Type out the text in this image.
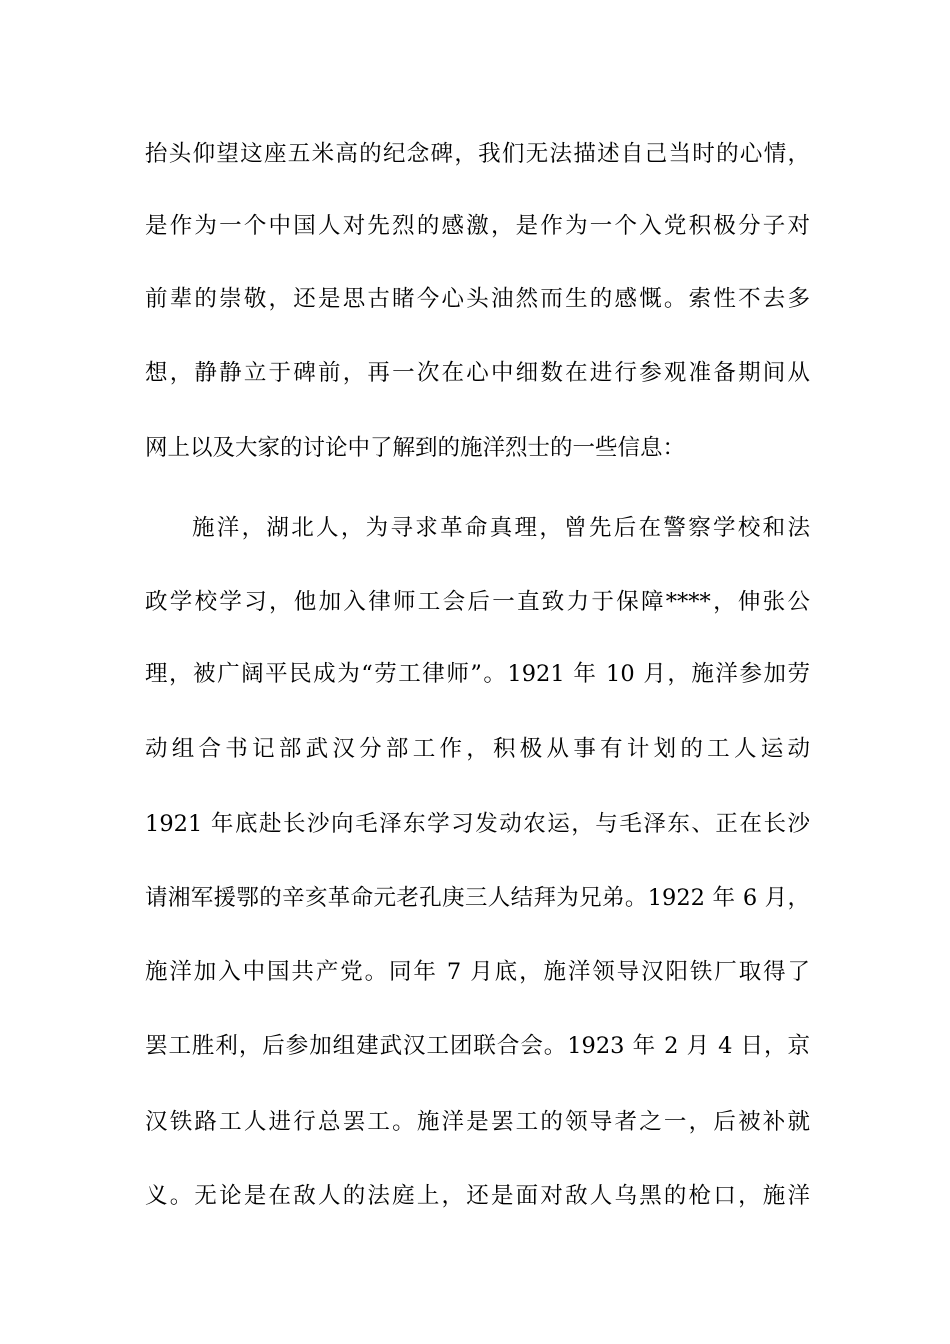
抬头仰望这座五米高的纪念碑，我们无法描述自己当时的心情，
是作为一个中国人对先烈的感激，是作为一个入党积极分子对
前辈的崇敬，还是思古睹今心头油然而生的感慨。索性不去多
想，静静立于碑前，再一次在心中细数在进行参观准备期间从
网上以及大家的讨论中了解到的施洋烈士的一些信息：
施洋，湖北人，为寻求革命真理，曾先后在警察学校和法
政学校学习，他加入律师工会后一直致力于保障****，伸张公
理，被广阔平民成为“劳工律师”。1921 年 10 月，施洋参加劳
动组合书记部武汉分部工作，积极从事有计划的工人运动
1921 年底赴长沙向毛泽东学习发动农运，与毛泽东、正在长沙
请湘军援鄂的辛亥革命元老孔庚三人结拜为兄弟。1922 年 6 月，
施洋加入中国共产党。同年 7 月底，施洋领导汉阳铁厂取得了
罢工胜利，后参加组建武汉工团联合会。1923 年 2 月 4 日，京
汉铁路工人进行总罢工。施洋是罢工的领导者之一，后被补就
义。无论是在敌人的法庭上，还是面对敌人乌黑的枪口，施洋
